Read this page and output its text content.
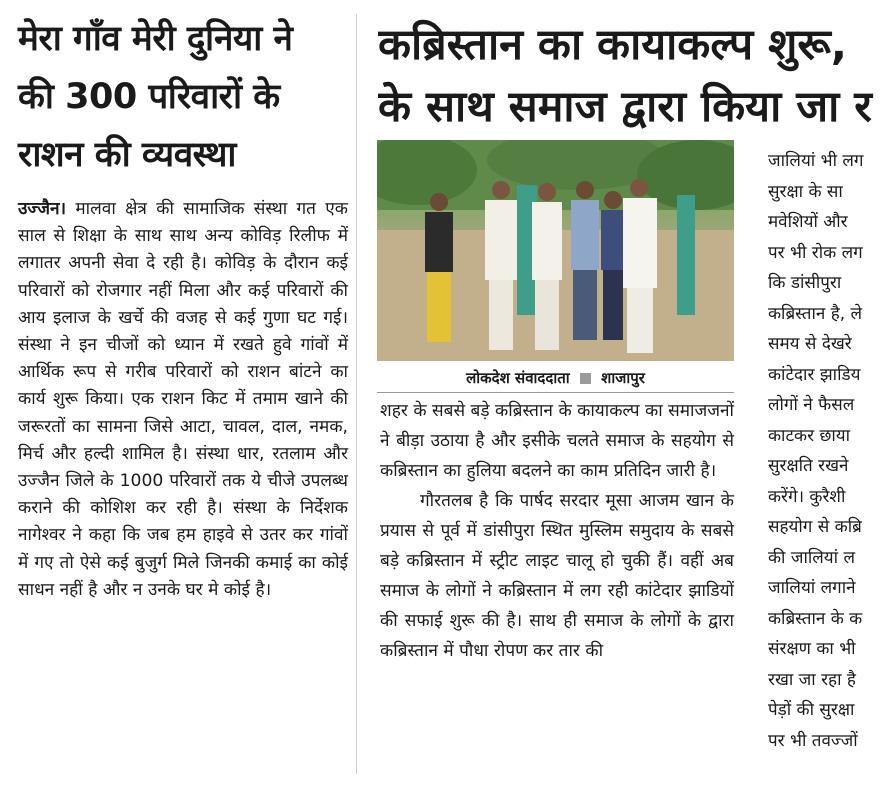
मेरा गाँव मेरी दुनिया ने
की 300 परिवारों के
राशन की व्यवस्था
उज्जैन। मालवा क्षेत्र की सामाजिक संस्था गत एक साल से शिक्षा के साथ साथ अन्य कोविड़ रिलीफ में लगातर अपनी सेवा दे रही है। कोविड़ के दौरान कई परिवारों को रोजगार नहीं मिला और कई परिवारों की आय इलाज के खर्चे की वजह से कई गुणा घट गई। संस्था ने इन चीजों को ध्यान में रखते हुवे गांवों में आर्थिक रूप से गरीब परिवारों को राशन बांटने का कार्य शुरू किया। एक राशन किट में तमाम खाने की जरूरतों का सामना जिसे आटा, चावल, दाल, नमक, मिर्च और हल्दी शामिल है। संस्था धार, रतलाम और उज्जैन जिले के 1000 परिवारों तक ये चीजे उपलब्ध कराने की कोशिश कर रही है। संस्था के निर्देशक नागेश्वर ने कहा कि जब हम हाइवे से उतर कर गांवों में गए तो ऐसे कई बुजुर्ग मिले जिनकी कमाई का कोई साधन नहीं है और न उनके घर मे कोई है।
कब्रिस्तान का कायाकल्प शुरू,
के साथ समाज द्वारा किया जा र
लोकदेश संवाददाता शाजापुर

शहर के सबसे बड़े कब्रिस्तान के कायाकल्प का समाजजनों ने बीड़ा उठाया है और इसीके चलते समाज के सहयोग से कब्रिस्तान का हुलिया बदलने का काम प्रतिदिन जारी है।

गौरतलब है कि पार्षद सरदार मूसा आजम खान के प्रयास से पूर्व में डांसीपुरा स्थित मुस्लिम समुदाय के सबसे बड़े कब्रिस्तान में स्ट्रीट लाइट चालू हो चुकी हैं। वहीं अब समाज के लोगों ने कब्रिस्तान में लग रही कांटेदार झाडियों की सफाई शुरू की है। साथ ही समाज के लोगों के द्वारा कब्रिस्तान में पौधा रोपण कर तार की

जालियां भी लग
सुरक्षा के सा
मवेशियों और
पर भी रोक लग
कि डांसीपुरा
कब्रिस्तान है, ले
समय से देखरे
कांटेदार झाडिय
लोगों ने फैसल
काटकर छाया
सुरक्षति रखने
करेंगे। कुरैशी
सहयोग से कब्रि
की जालियां ल
जालियां लगाने
कब्रिस्तान के क
संरक्षण का भी
रखा जा रहा है
पेड़ों की सुरक्षा
पर भी तवज्जों
